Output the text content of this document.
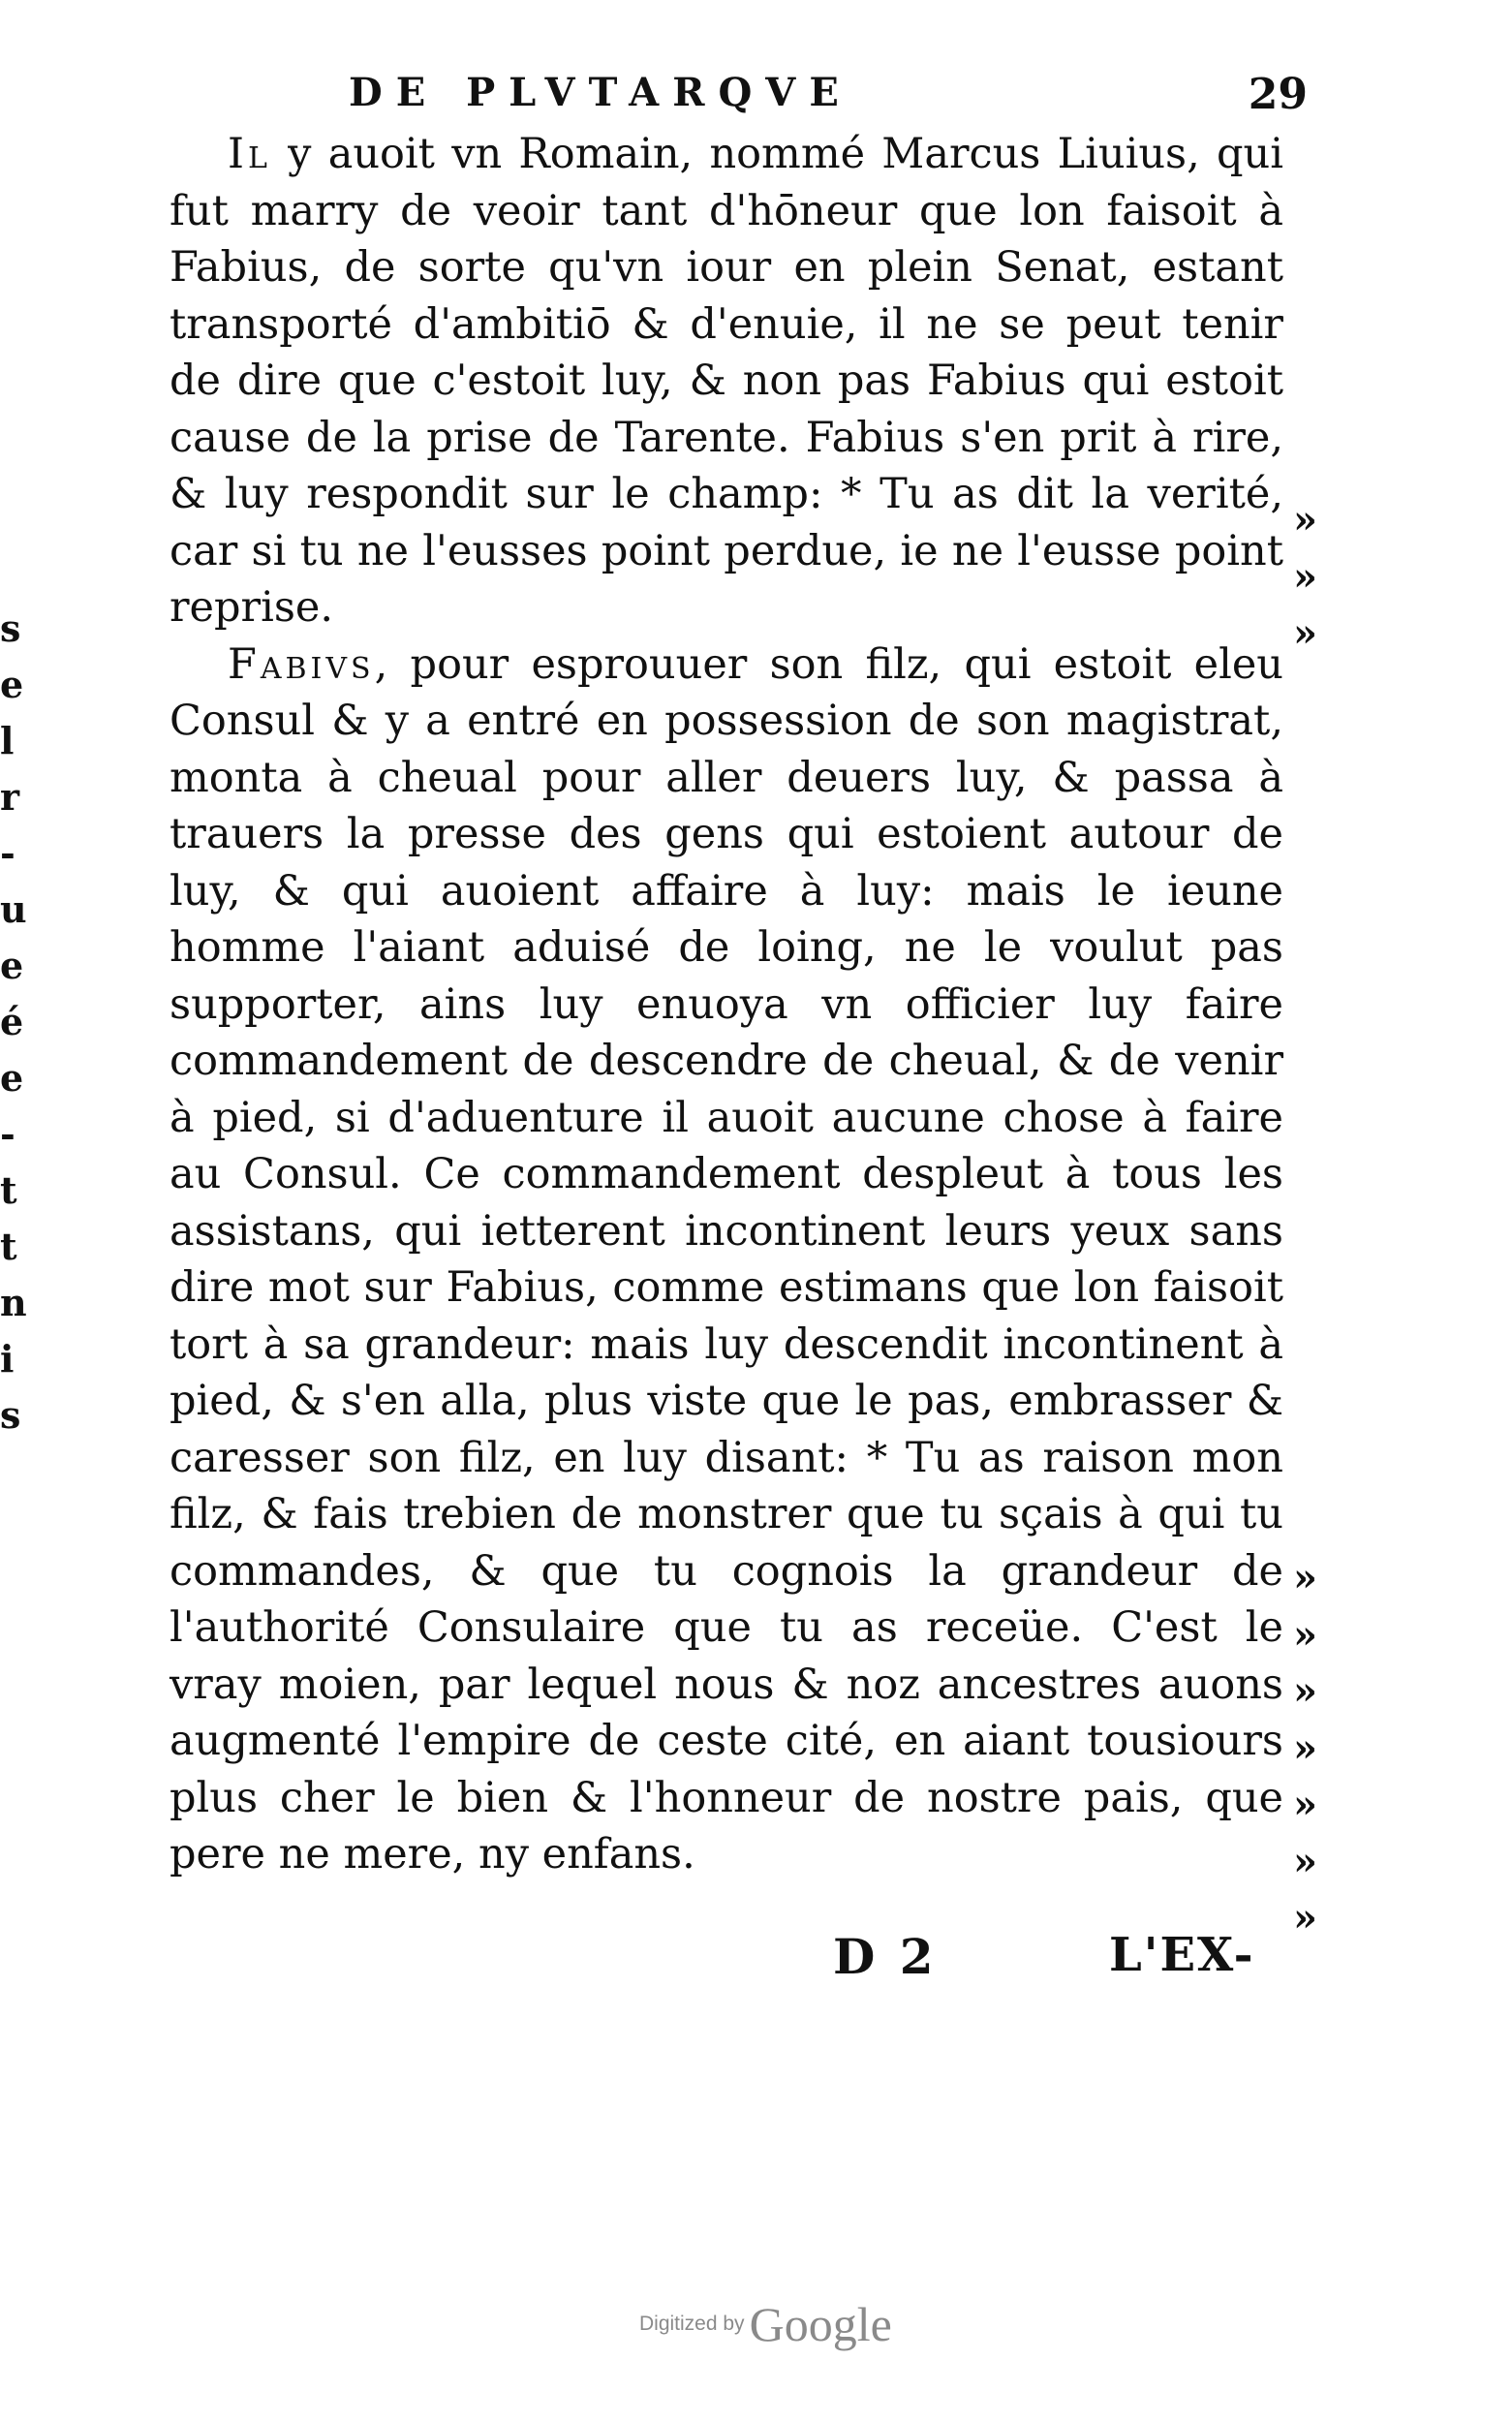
DE PLVTARQVE	29
s
e
l
r
-
u
e
é
e
-
t
t
n
i
s

Il y auoit vn Romain, nommé Marcus Liuius, qui fut marry de veoir tant d'hōneur que lon faisoit à Fabius, de sorte qu'vn iour en plein Senat, estant transporté d'ambitiō & d'enuie, il ne se peut tenir de dire que c'estoit luy, & non pas Fabius qui estoit cause de la prise de Tarente. Fabius s'en prit à rire, & luy respondit sur le champ: * Tu as dit la verité, car si tu ne l'eusses point perdue, ie ne l'eusse point reprise.

Fabivs, pour esprouuer son filz, qui estoit eleu Consul & y a entré en possession de son magistrat, monta à cheual pour aller deuers luy, & passa à trauers la presse des gens qui estoient autour de luy, & qui auoient affaire à luy: mais le ieune homme l'aiant aduisé de loing, ne le voulut pas supporter, ains luy enuoya vn officier luy faire commandement de descendre de cheual, & de venir à pied, si d'aduenture il auoit aucune chose à faire au Consul. Ce commandement despleut à tous les assistans, qui ietterent incontinent leurs yeux sans dire mot sur Fabius, comme estimans que lon faisoit tort à sa grandeur: mais luy descendit incontinent à pied, & s'en alla, plus viste que le pas, embrasser & caresser son filz, en luy disant: * Tu as raison mon filz, & fais trebien de monstrer que tu sçais à qui tu commandes, & que tu cognois la grandeur de l'authorité Consulaire que tu as receüe. C'est le vray moien, par lequel nous & noz ancestres auons augmenté l'empire de ceste cité, en aiant tousiours plus cher le bien & l'honneur de nostre pais, que pere ne mere, ny enfans.

»
»
»
»
»
»
»
»
»
»
D 2	L'EX-
Digitized by Google
